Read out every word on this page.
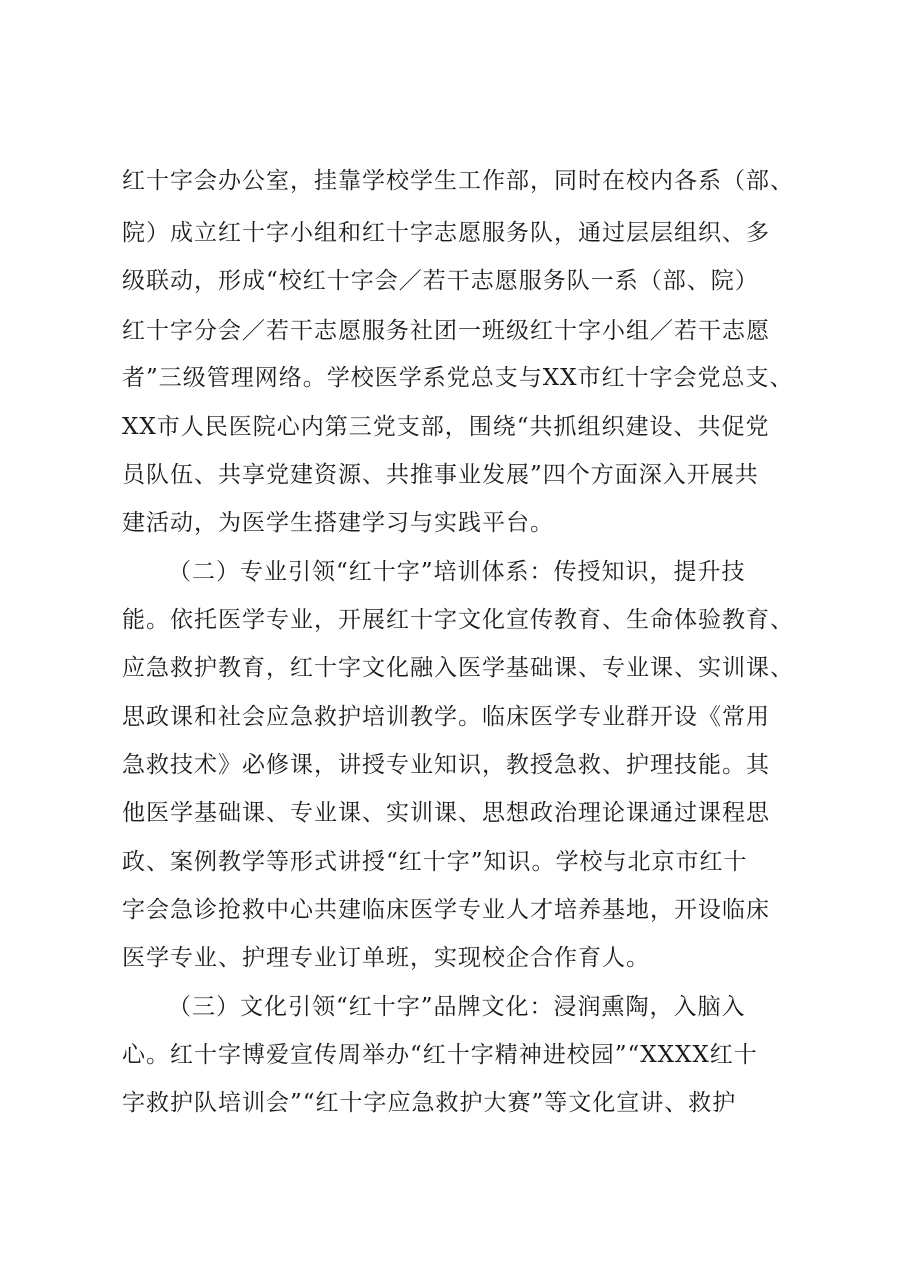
红十字会办公室，挂靠学校学生工作部，同时在校内各系（部、
院）成立红十字小组和红十字志愿服务队，通过层层组织、多
级联动，形成“校红十字会／若干志愿服务队一系（部、院）
红十字分会／若干志愿服务社团一班级红十字小组／若干志愿
者”三级管理网络。学校医学系党总支与XX市红十字会党总支、
XX市人民医院心内第三党支部，围绕“共抓组织建设、共促党
员队伍、共享党建资源、共推事业发展”四个方面深入开展共
建活动，为医学生搭建学习与实践平台。
（二）专业引领“红十字”培训体系：传授知识，提升技
能。依托医学专业，开展红十字文化宣传教育、生命体验教育、
应急救护教育，红十字文化融入医学基础课、专业课、实训课、
思政课和社会应急救护培训教学。临床医学专业群开设《常用
急救技术》必修课，讲授专业知识，教授急救、护理技能。其
他医学基础课、专业课、实训课、思想政治理论课通过课程思
政、案例教学等形式讲授“红十字”知识。学校与北京市红十
字会急诊抢救中心共建临床医学专业人才培养基地，开设临床
医学专业、护理专业订单班，实现校企合作育人。
（三）文化引领“红十字”品牌文化：浸润熏陶，入脑入
心。红十字博爱宣传周举办“红十字精神进校园”“XXXX红十
字救护队培训会”“红十字应急救护大赛”等文化宣讲、救护
